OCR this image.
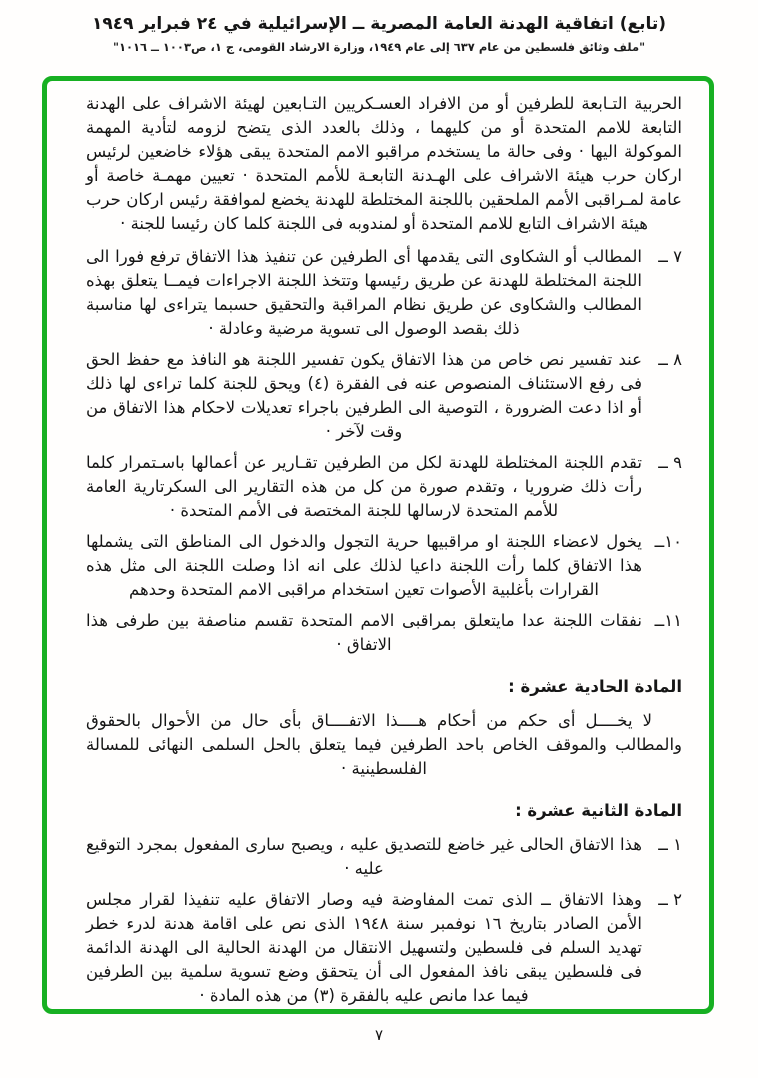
(تابع) اتفاقية الهدنة العامة المصرية ــ الإسرائيلية في ٢٤ فبراير ١٩٤٩
"ملف وثائق فلسطين من عام ٦٣٧ إلى عام ١٩٤٩، وزارة الارشاد القومى، ج ١، ص١٠٠٣ ــ ١٠١٦"

الحربية التـابعة للطرفين أو من الافراد العسـكريين التـابعين لهيئة الاشراف على الهدنة التابعة للامم المتحدة أو من كليهما ، وذلك بالعدد الذى يتضح لزومه لتأدية المهمة الموكولة اليها · وفى حالة ما يستخدم مراقبو الامم المتحدة يبقى هؤلاء خاضعين لرئيس اركان حرب هيئة الاشراف على الهـدنة التابعـة للأمم المتحدة · تعيين مهمـة خاصة أو عامة لمـراقبى الأمم الملحقين باللجنة المختلطة للهدنة يخضع لموافقة رئيس اركان حرب هيئة الاشراف التابع للامم المتحدة أو لمندوبه فى اللجنة كلما كان رئيسا للجنة ·

٧ ــ
المطالب أو الشكاوى التى يقدمها أى الطرفين عن تنفيذ هذا الاتفاق ترفع فورا الى اللجنة المختلطة للهدنة عن طريق رئيسها وتتخذ اللجنة الاجراءات فيمــا يتعلق بهذه المطالب والشكاوى عن طريق نظام المراقبة والتحقيق حسبما يتراءى لها مناسبة ذلك بقصد الوصول الى تسوية مرضية وعادلة ·
٨ ــ
عند تفسير نص خاص من هذا الاتفاق يكون تفسير اللجنة هو النافذ مع حفظ الحق فى رفع الاستئناف المنصوص عنه فى الفقرة (٤) ويحق للجنة كلما تراءى لها ذلك أو اذا دعت الضرورة ، التوصية الى الطرفين باجراء تعديلات لاحكام هذا الاتفاق من وقت لآخر ·
٩ ــ
تقدم اللجنة المختلطة للهدنة لكل من الطرفين تقـارير عن أعمالها باسـتمرار كلما رأت ذلك ضروريا ، وتقدم صورة من كل من هذه التقارير الى السكرتارية العامة للأمم المتحدة لارسالها للجنة المختصة فى الأمم المتحدة ·
١٠ــ
يخول لاعضاء اللجنة او مراقبيها حرية التجول والدخول الى المناطق التى يشملها هذا الاتفاق كلما رأت اللجنة داعيا لذلك على انه اذا وصلت اللجنة الى مثل هذه القرارات بأغلبية الأصوات تعين استخدام مراقبى الامم المتحدة وحدهم
١١ــ
نفقات اللجنة عدا مايتعلق بمراقبى الامم المتحدة تقسم مناصفة بين طرفى هذا الاتفاق ·
المادة الحادية عشرة :

لا يخــــل أى حكم من أحكام هــــذا الاتفــــاق بأى حال من الأحوال بالحقوق والمطالب والموقف الخاص باحد الطرفين فيما يتعلق بالحل السلمى النهائى للمسالة الفلسطينية ·

المادة الثانية عشرة :
١ ــ
هذا الاتفاق الحالى غير خاضع للتصديق عليه ، ويصبح سارى المفعول بمجرد التوقيع عليه ·
٢ ــ
وهذا الاتفاق ــ الذى تمت المفاوضة فيه وصار الاتفاق عليه تنفيذا لقرار مجلس الأمن الصادر بتاريخ ١٦ نوفمبر سنة ١٩٤٨ الذى نص على اقامة هدنة لدرء خطر تهديد السلم فى فلسطين ولتسهيل الانتقال من الهدنة الحالية الى الهدنة الدائمة فى فلسطين يبقى نافذ المفعول الى أن يتحقق وضع تسوية سلمية بين الطرفين فيما عدا مانص عليه بالفقرة (٣) من هذه المادة ·
٧
